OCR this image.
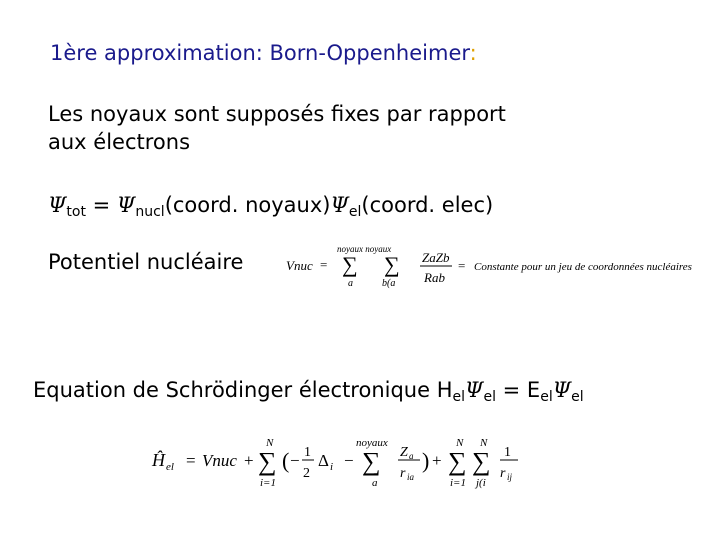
1ère approximation: Born-Oppenheimer:
Les noyaux sont supposés fixes par rapport
aux électrons
$\Psi_{tot}$ = $\Psi_{nucl}(coord$. $noyaux)\Psi_{el}(coord$. elec)
Potentiel nucléaire	Vnuc =
noyaux noyaux
∑ ∑
a	b(a
ZaZb
Rab
= Constante pour un jeu de coordonnées nucléaires
Equation de Schrödinger électronique $H_{el}\Psi_{el} = E_{el}\Psi_{el}$
Ĥ el = Vnuc +
N
∑
i=1
( − 1
2
Δ i −
noyaux
∑
a
Z a
r ia
) +
N
∑
i=1
N
∑
j(i
1
r ij
